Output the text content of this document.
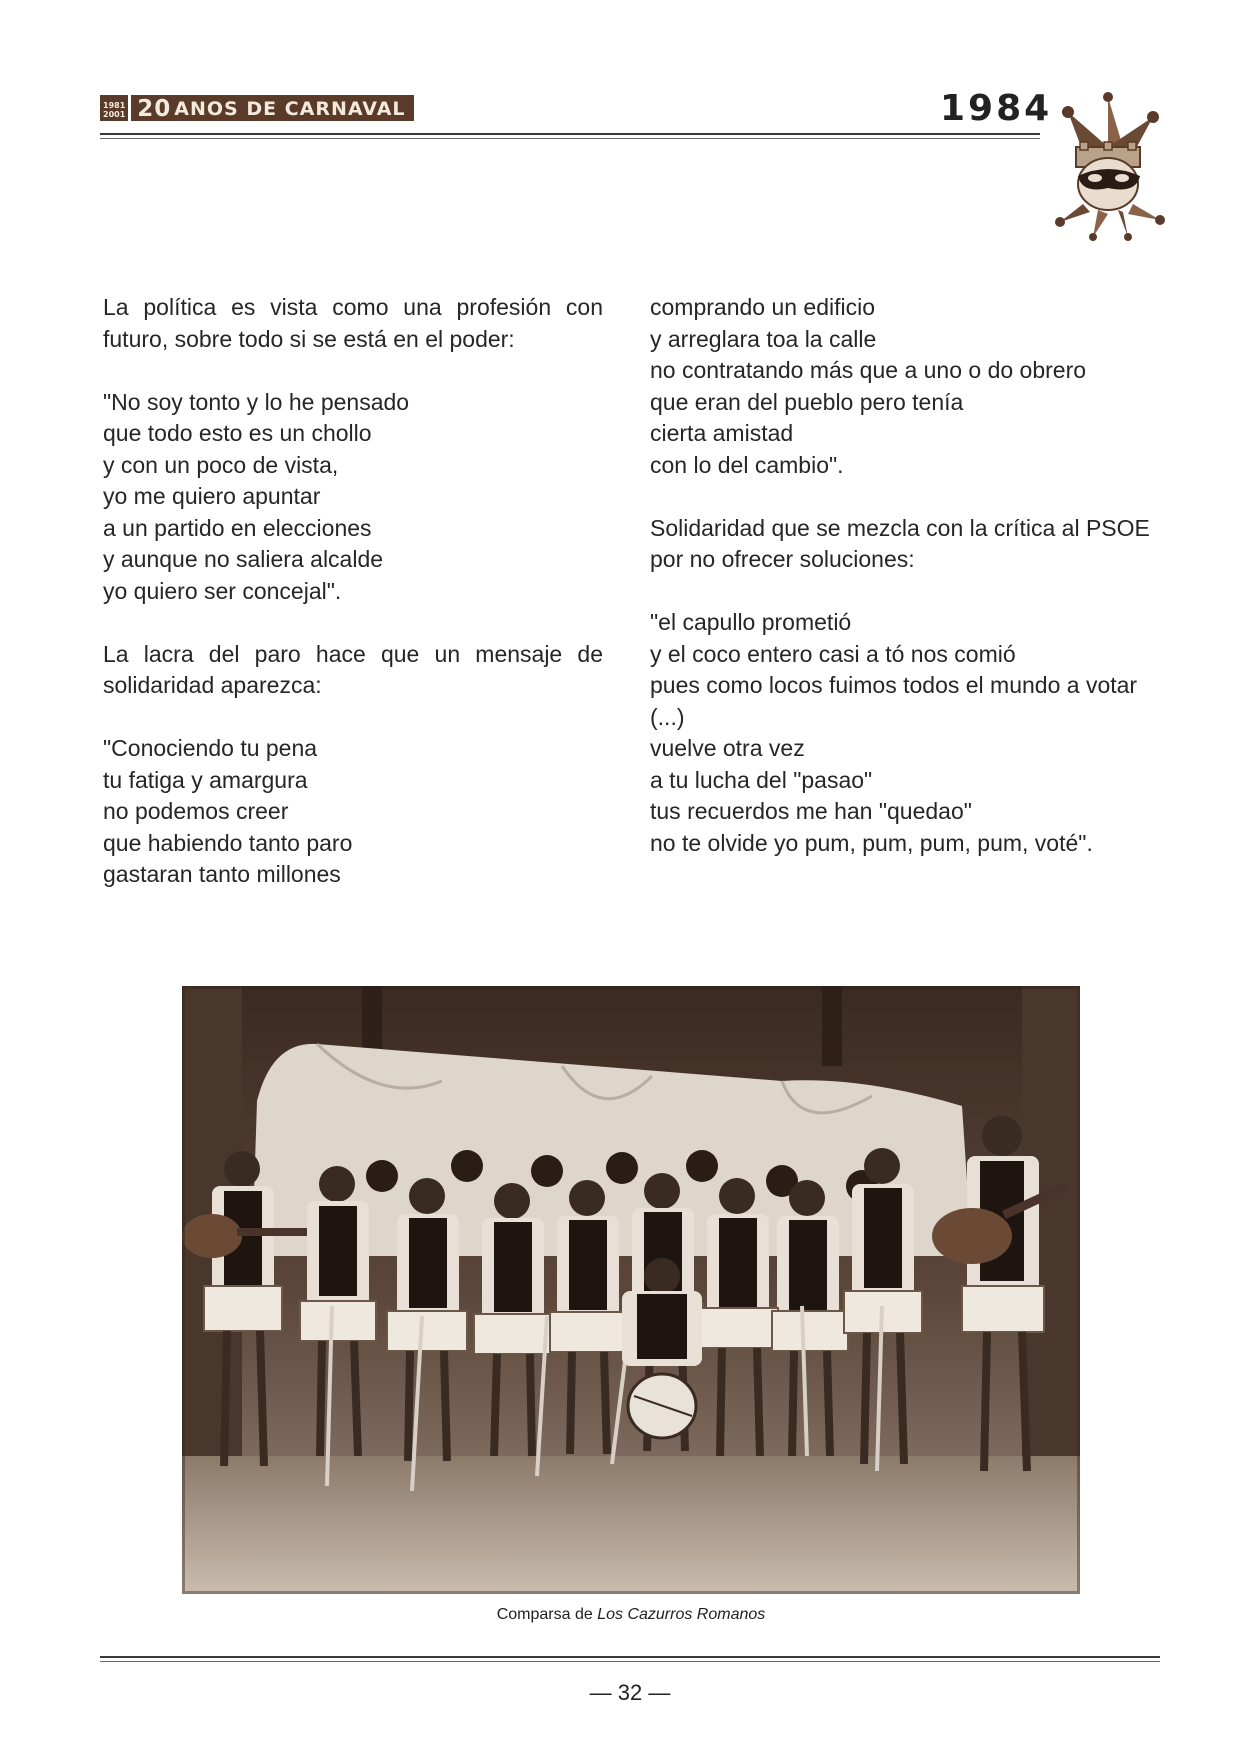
1981
2001 20 ANOS DE CARNAVAL	1984

La política es vista como una profesión con futuro, sobre todo si se está en el poder:

"No soy tonto y lo he pensado
que todo esto es un chollo
y con un poco de vista,
yo me quiero apuntar
a un partido en elecciones
y aunque no saliera alcalde
yo quiero ser concejal".

La lacra del paro hace que un mensaje de solidaridad aparezca:

"Conociendo tu pena
tu fatiga y amargura
no podemos creer
que habiendo tanto paro
gastaran tanto millones

comprando un edificio
y arreglara toa la calle
no contratando más que a uno o do obrero
que eran del pueblo pero tenía
cierta amistad
con lo del cambio".

Solidaridad que se mezcla con la crítica al PSOE por no ofrecer soluciones:

"el capullo prometió
y el coco entero casi a tó nos comió
pues como locos fuimos todos el mundo a votar (...)
vuelve otra vez
a tu lucha del "pasao"
tus recuerdos me han "quedao"
no te olvide yo pum, pum, pum, pum, voté".

Comparsa de Los Cazurros Romanos
— 32 —
